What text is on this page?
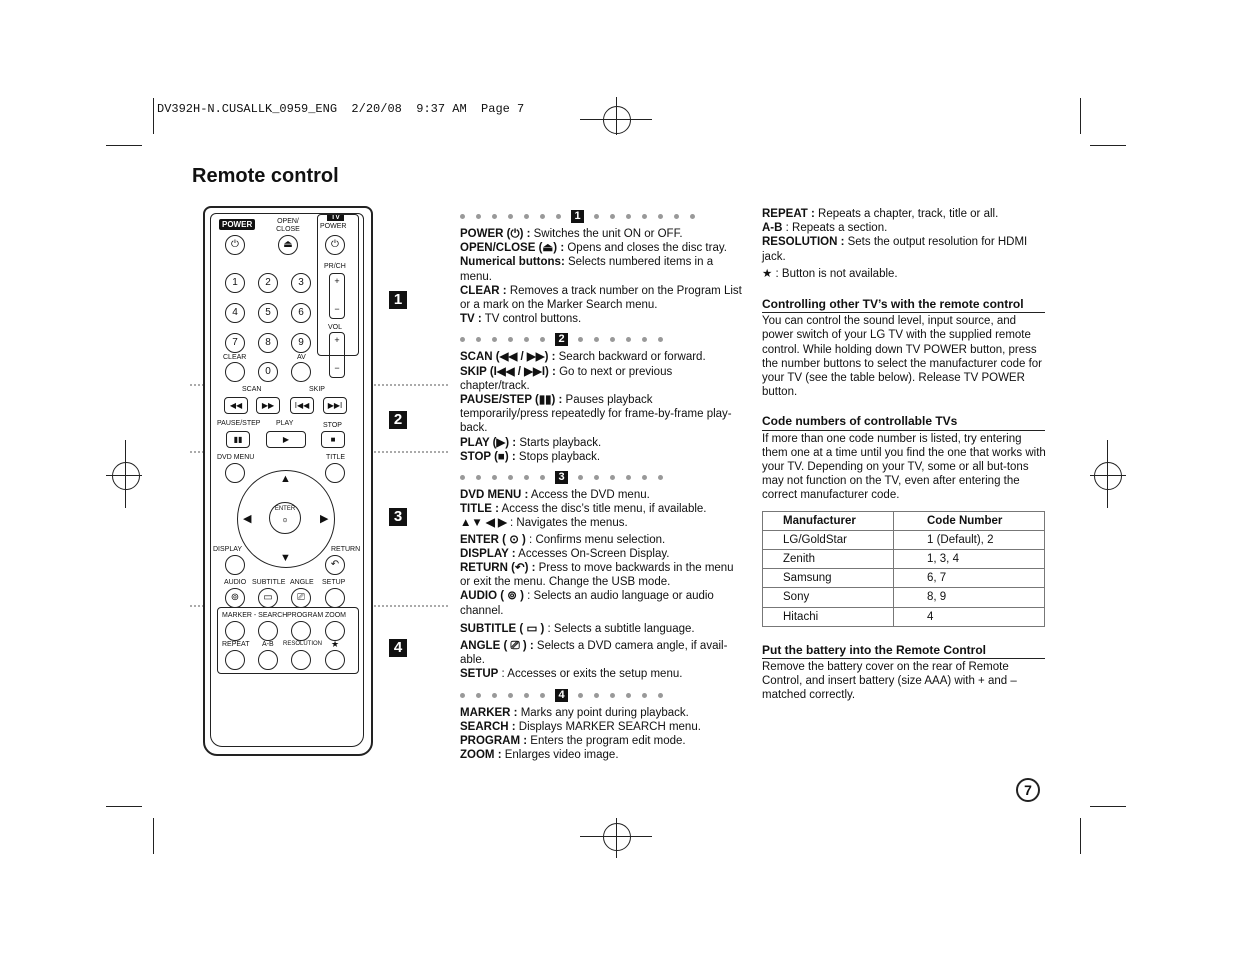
DV392H-N.CUSALLK_0959_ENG  2/20/08  9:37 AM  Page 7
Remote control
1
2
3
4
POWER	OPEN/ CLOSE
TV
POWER
⏻	⏏	⏻
PR/CH
+

−
VOL
+

−
1	2	3
4	5	6
7	8	9
CLEAR
0
AV
SCAN	SKIP
◀◀	▶▶	I◀◀	▶▶I
PAUSE/STEP PLAY	STOP
▮▮	▶	■
DVD MENU	TITLE
▲
▼
◀	▶
ENTER
⊙
DISPLAY	RETURN
↶
AUDIO SUBTITLE ANGLE SETUP
⊚	▭	⎚
MARKER - SEARCH PROGRAM ZOOM
REPEAT A-B RESOLUTION ★
1

POWER (⏻) : Switches the unit ON or OFF.

OPEN/CLOSE (⏏) : Opens and closes the disc tray.

Numerical buttons: Selects numbered items in a menu.

CLEAR : Removes a track number on the Program List or a mark on the Marker Search menu.

TV : TV control buttons.

2

SCAN (◀◀ / ▶▶) : Search backward or forward.

SKIP (I◀◀ / ▶▶I) : Go to next or previous chapter/track.

PAUSE/STEP (▮▮) : Pauses playback temporarily/press repeatedly for frame-by-frame play-back.

PLAY (▶) : Starts playback.

STOP (■) : Stops playback.

3

DVD MENU : Access the DVD menu.

TITLE : Access the disc’s title menu, if available.

▲▼ ◀ ▶ : Navigates the menus.

ENTER ( ⊙ ) : Confirms menu selection.

DISPLAY : Accesses On-Screen Display.

RETURN (↶) : Press to move backwards in the menu or exit the menu. Change the USB mode.

AUDIO ( ⊚ ) : Selects an audio language or audio channel.

SUBTITLE ( ▭ ) : Selects a subtitle language.

ANGLE ( ⎚ ) : Selects a DVD camera angle, if avail-able.

SETUP : Accesses or exits the setup menu.

4

MARKER : Marks any point during playback.

SEARCH : Displays MARKER SEARCH menu.

PROGRAM : Enters the program edit mode.

ZOOM : Enlarges video image.

REPEAT : Repeats a chapter, track, title or all.

A-B : Repeats a section.

RESOLUTION : Sets the output resolution for HDMI jack.

★ : Button is not available.

Controlling other TV’s with the remote control

You can control the sound level, input source, and power switch of your LG TV with the supplied remote control. While holding down TV POWER button, press the number buttons to select the manufacturer code for your TV (see the table below). Release TV POWER button.

Code numbers of controllable TVs

If more than one code number is listed, try entering them one at a time until you find the one that works with your TV. Depending on your TV, some or all but-tons may not function on the TV, even after entering the correct manufacturer code.

Manufacturer	Code Number
LG/GoldStar	1 (Default), 2
Zenith	1, 3, 4
Samsung	6, 7
Sony	8, 9
Hitachi	4
Put the battery into the Remote Control

Remove the battery cover on the rear of Remote Control, and insert battery (size AAA) with + and – matched correctly.

7
